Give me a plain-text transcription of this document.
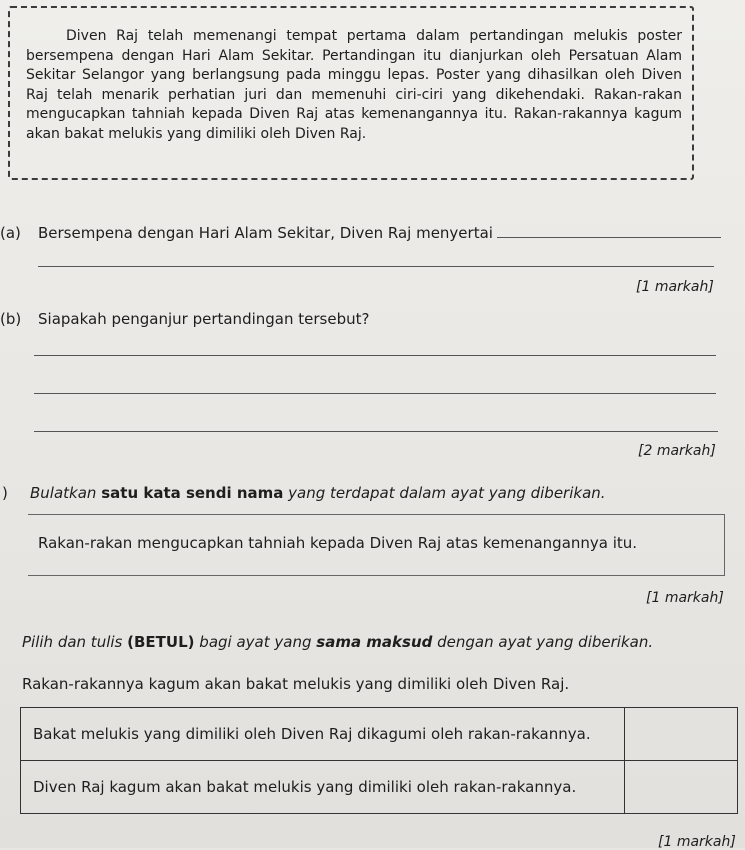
Diven Raj telah memenangi tempat pertama dalam pertandingan melukis poster bersempena dengan Hari Alam Sekitar. Pertandingan itu dianjurkan oleh Persatuan Alam Sekitar Selangor yang berlangsung pada minggu lepas. Poster yang dihasilkan oleh Diven Raj telah menarik perhatian juri dan memenuhi ciri-ciri yang dikehendaki. Rakan-rakan mengucapkan tahniah kepada Diven Raj atas kemenangannya itu. Rakan-rakannya kagum akan bakat melukis yang dimiliki oleh Diven Raj.
(a) Bersempena dengan Hari Alam Sekitar, Diven Raj menyertai
[1 markah]
(b) Siapakah penganjur pertandingan tersebut?
[2 markah]
) Bulatkan satu kata sendi nama yang terdapat dalam ayat yang diberikan.
Rakan-rakan mengucapkan tahniah kepada Diven Raj atas kemenangannya itu.
[1 markah]
Pilih dan tulis (BETUL) bagi ayat yang sama maksud dengan ayat yang diberikan.
Rakan-rakannya kagum akan bakat melukis yang dimiliki oleh Diven Raj.
Bakat melukis yang dimiliki oleh Diven Raj dikagumi oleh rakan-rakannya.	
Diven Raj kagum akan bakat melukis yang dimiliki oleh rakan-rakannya.	
[1 markah]
